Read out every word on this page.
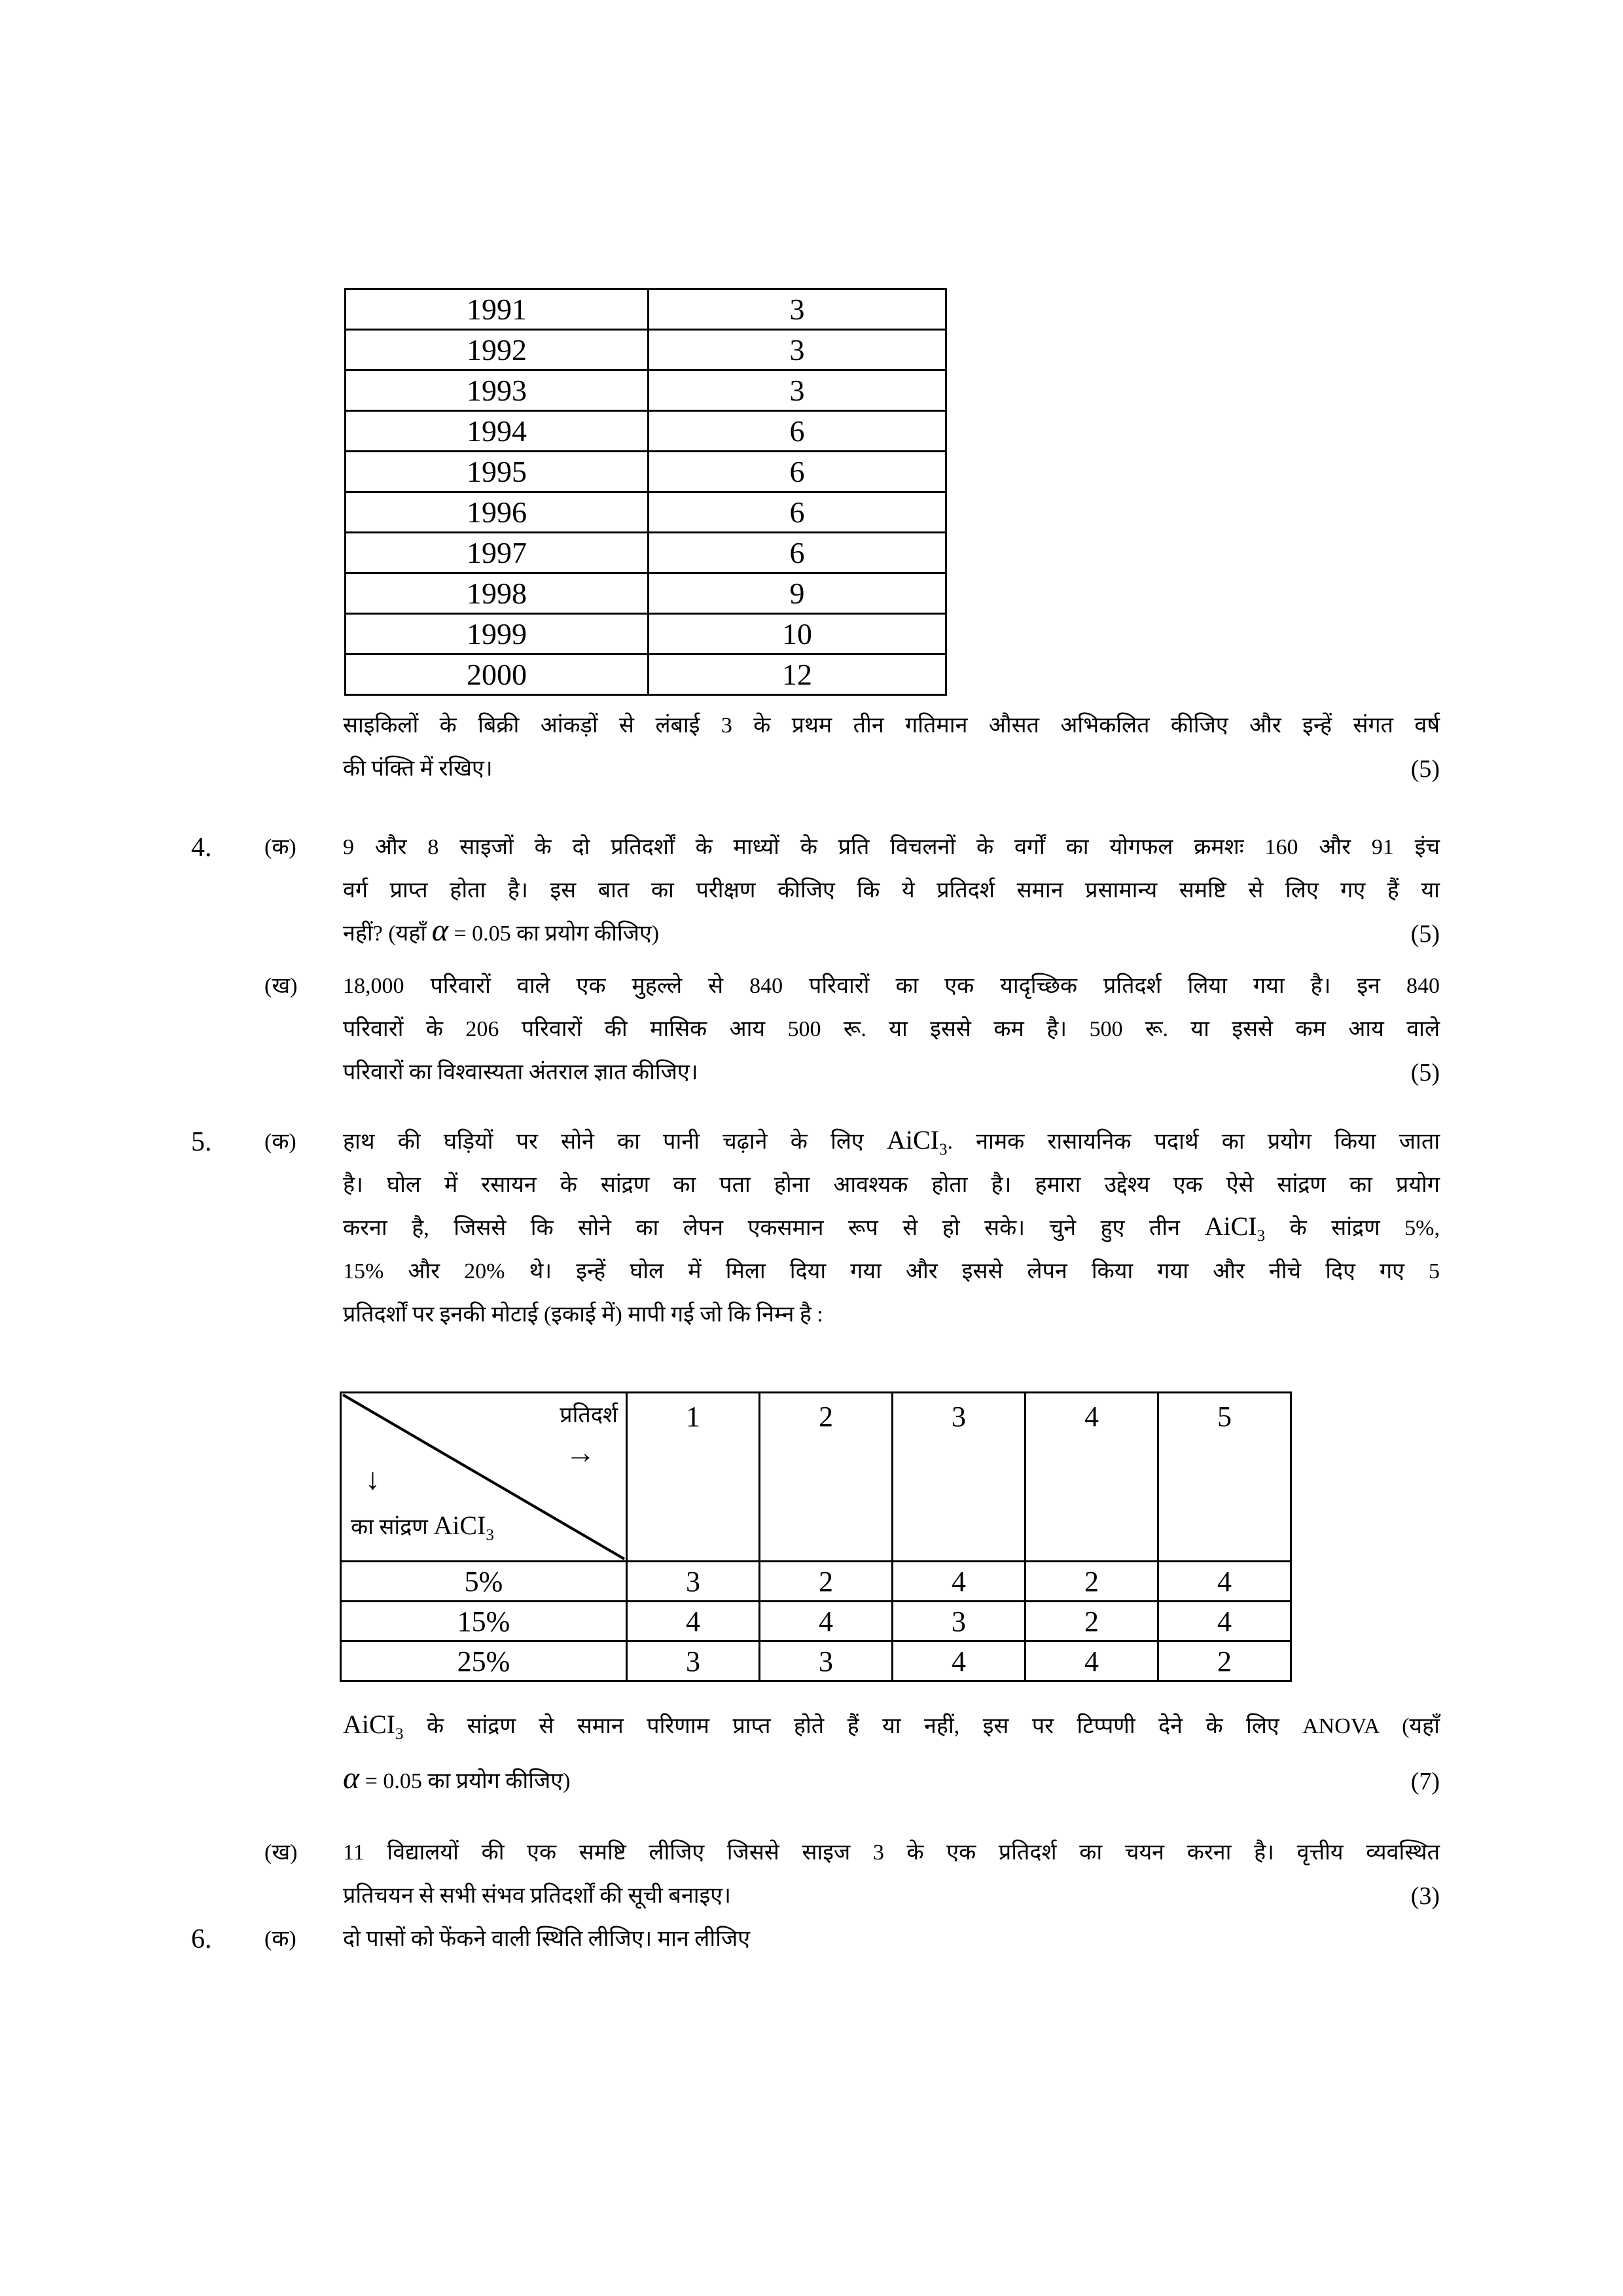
1991	3
1992	3
1993	3
1994	6
1995	6
1996	6
1997	6
1998	9
1999	10
2000	12
साइकिलों के बिक्री आंकड़ों से लंबाई 3 के प्रथम तीन गतिमान औसत अभिकलित कीजिए और इन्हें संगत वर्ष
(5)
की पंक्ति में रखिए।
4.	(क)	9 और 8 साइजों के दो प्रतिदर्शों के माध्यों के प्रति विचलनों के वर्गों का योगफल क्रमशः 160 और 91 इंच
वर्ग प्राप्त होता है। इस बात का परीक्षण कीजिए कि ये प्रतिदर्श समान प्रसामान्य समष्टि से लिए गए हैं या
(5)
नहीं? (यहाँ α = 0.05 का प्रयोग कीजिए)
(ख)	18,000 परिवारों वाले एक मुहल्ले से 840 परिवारों का एक यादृच्छिक प्रतिदर्श लिया गया है। इन 840
परिवारों के 206 परिवारों की मासिक आय 500 रू. या इससे कम है। 500 रू. या इससे कम आय वाले
(5)
परिवारों का विश्वास्यता अंतराल ज्ञात कीजिए।
5.	(क)	हाथ की घड़ियों पर सोने का पानी चढ़ाने के लिए AiCI$_3$. नामक रासायनिक पदार्थ का प्रयोग किया जाता
है। घोल में रसायन के सांद्रण का पता होना आवश्यक होता है। हमारा उद्देश्य एक ऐसे सांद्रण का प्रयोग
करना है, जिससे कि सोने का लेपन एकसमान रूप से हो सके। चुने हुए तीन AiCI$_3$ के सांद्रण 5%,
15% और 20% थे। इन्हें घोल में मिला दिया गया और इससे लेपन किया गया और नीचे दिए गए 5
प्रतिदर्शों पर इनकी मोटाई (इकाई में) मापी गई जो कि निम्न है :
प्रतिदर्श
→
↓
का सांद्रण AiCI$_3$	1	2	3	4	5
5%	3	2	4	2	4
15%	4	4	3	2	4
25%	3	3	4	4	2
AiCI$_3$ के सांद्रण से समान परिणाम प्राप्त होते हैं या नहीं, इस पर टिप्पणी देने के लिए ANOVA (यहाँ
(7)
α = 0.05 का प्रयोग कीजिए)
(ख)	11 विद्यालयों की एक समष्टि लीजिए जिससे साइज 3 के एक प्रतिदर्श का चयन करना है। वृत्तीय व्यवस्थित
(3)
प्रतिचयन से सभी संभव प्रतिदर्शों की सूची बनाइए।
6.	(क)	दो पासों को फेंकने वाली स्थिति लीजिए। मान लीजिए
